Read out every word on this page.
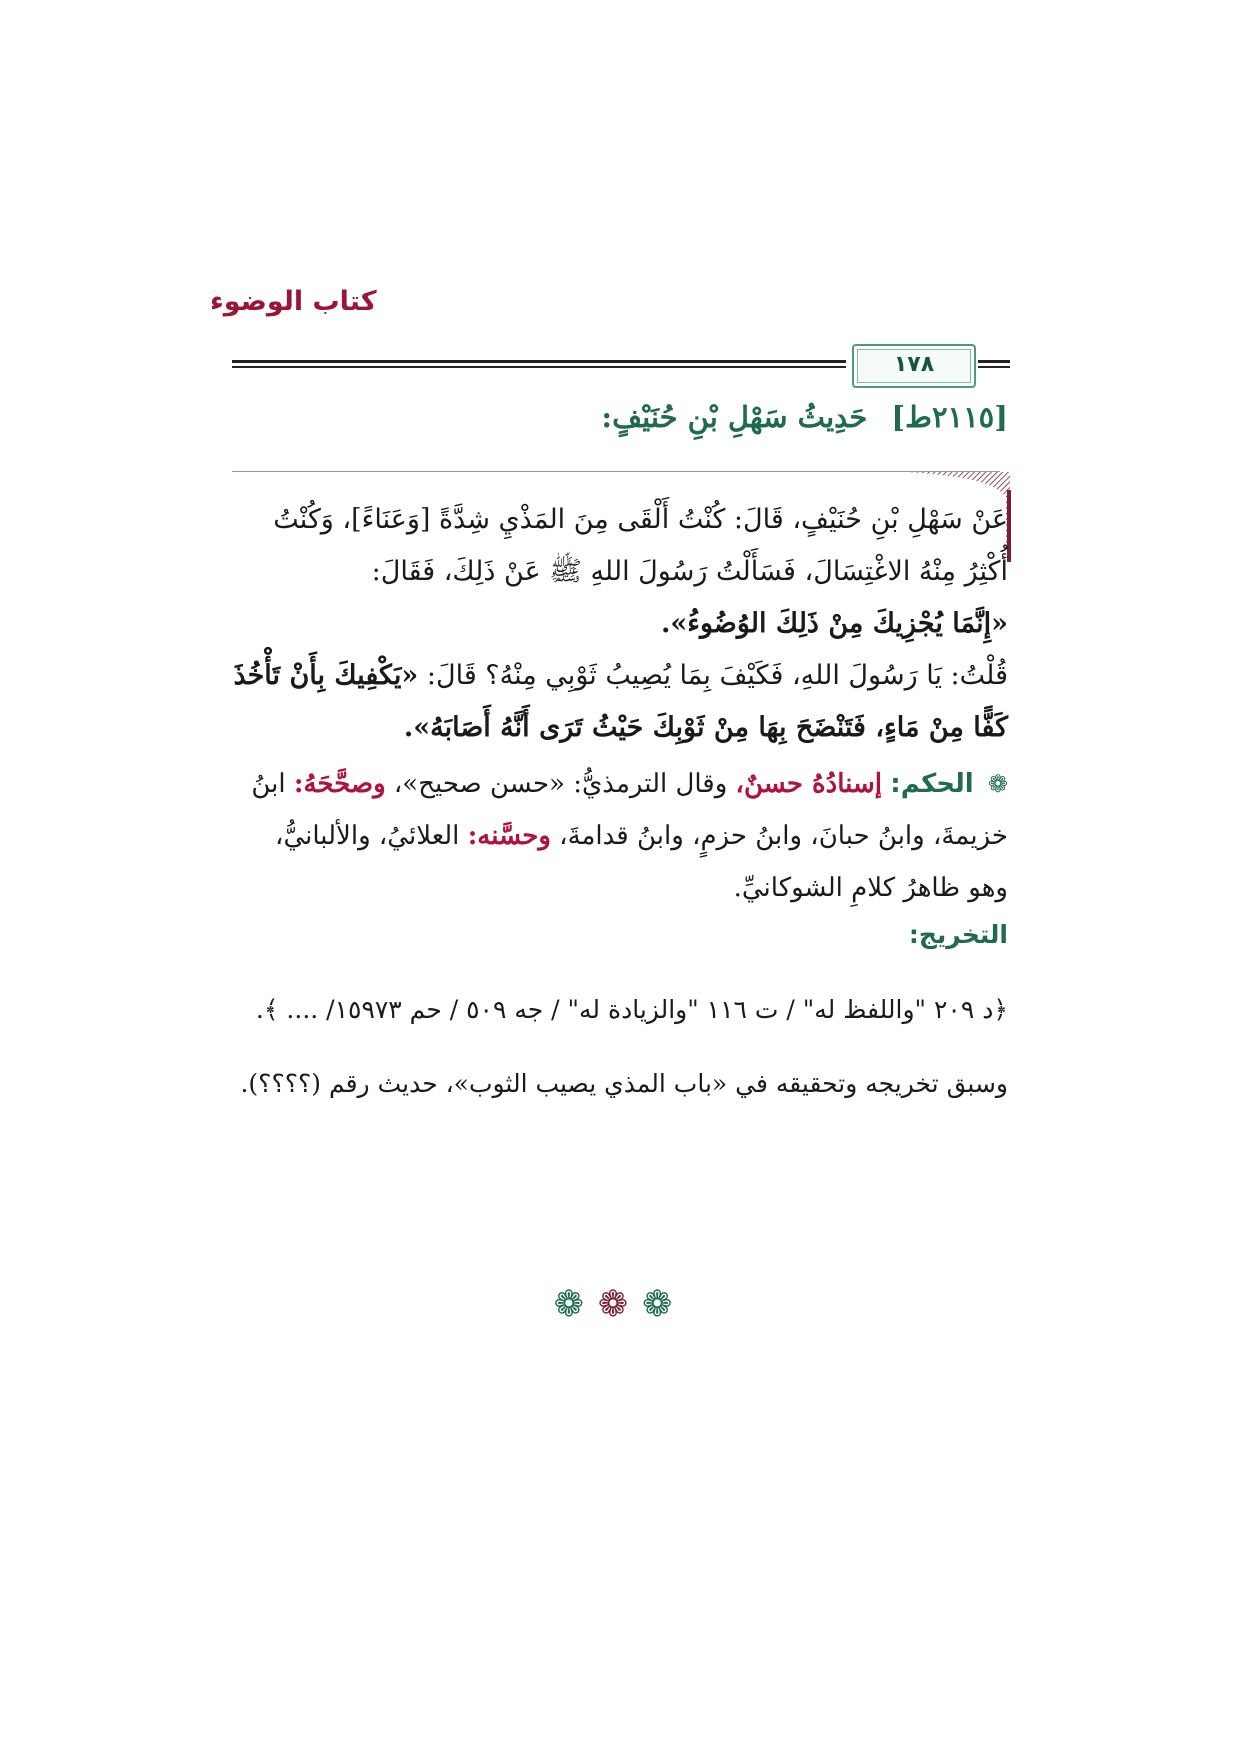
كتاب الوضوء
١٧٨
[٢١١٥ط] حَدِيثُ سَهْلِ بْنِ حُنَيْفٍ:

عَنْ سَهْلِ بْنِ حُنَيْفٍ، قَالَ: كُنْتُ أَلْقَى مِنَ المَذْيِ شِدَّةً [وَعَنَاءً]، وَكُنْتُ أُكْثِرُ مِنْهُ الاغْتِسَالَ، فَسَأَلْتُ رَسُولَ اللهِ ﷺ عَنْ ذَلِكَ، فَقَالَ:

«إِنَّمَا يُجْزِيكَ مِنْ ذَلِكَ الوُضُوءُ».

قُلْتُ: يَا رَسُولَ اللهِ، فَكَيْفَ بِمَا يُصِيبُ ثَوْبِي مِنْهُ؟ قَالَ: «يَكْفِيكَ بِأَنْ تَأْخُذَ كَفًّا مِنْ مَاءٍ، فَتَنْضَحَ بِهَا مِنْ ثَوْبِكَ حَيْثُ تَرَى أَنَّهُ أَصَابَهُ».

❁ الحكم: إسنادُهُ حسنٌ، وقال الترمذيُّ: «حسن صحيح»، وصحَّحَهُ: ابنُ خزيمةَ، وابنُ حبانَ، وابنُ حزمٍ، وابنُ قدامةَ، وحسَّنه: العلائيُ، والألبانيُّ، وهو ظاهرُ كلامِ الشوكانيِّ.

التخريج:

﴿د ٢٠٩ "واللفظ له" / ت ١١٦ "والزيادة له" / جه ٥٠٩ / حم ١٥٩٧٣/ .... ﴾.

وسبق تخريجه وتحقيقه في «باب المذي يصيب الثوب»، حديث رقم (؟؟؟؟).

❁❁❁
